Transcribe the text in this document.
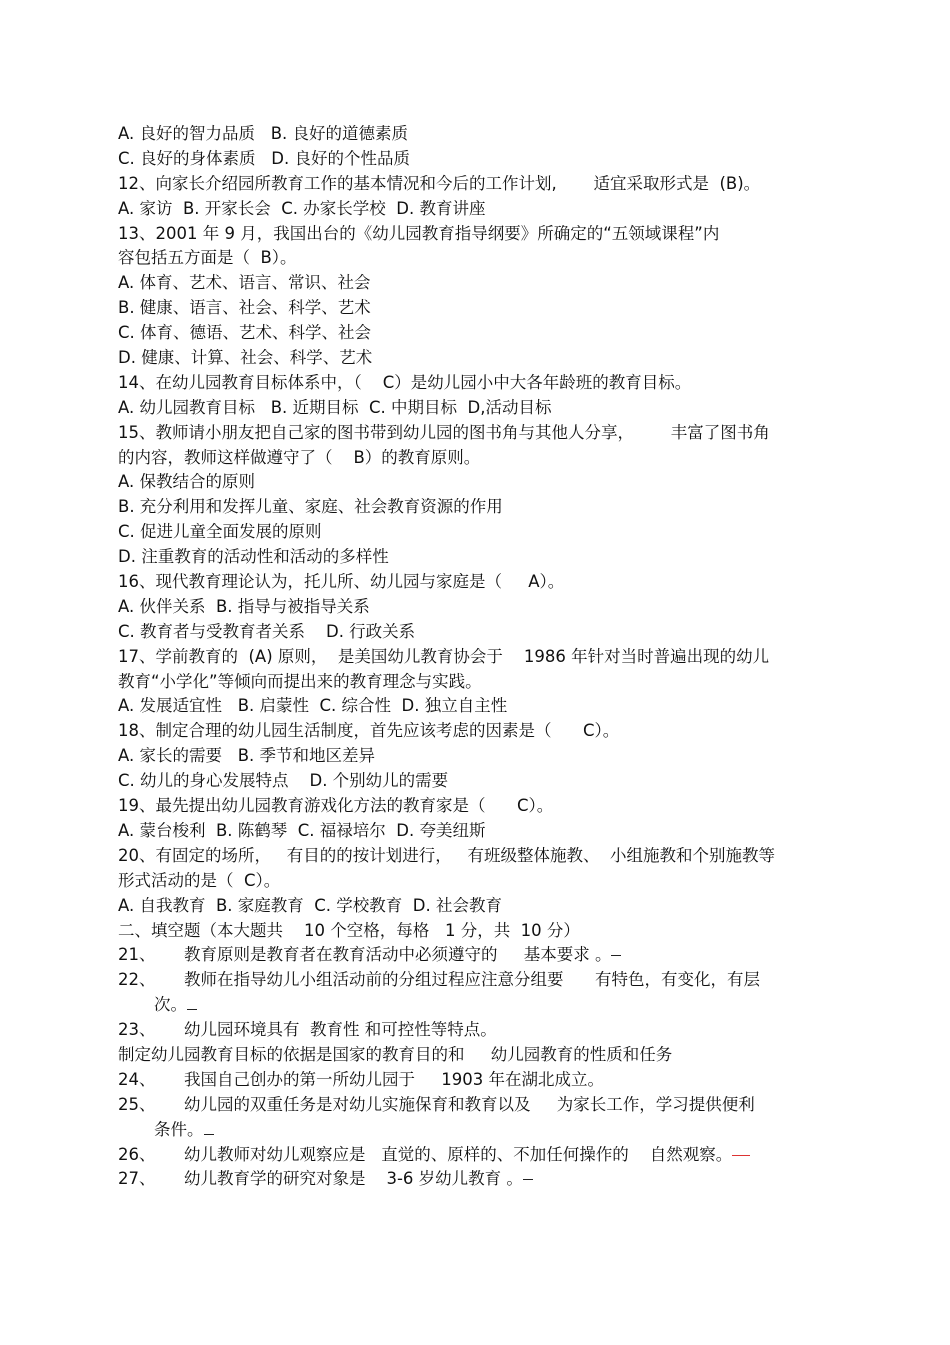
A. 良好的智力品质   B. 良好的道德素质
C. 良好的身体素质   D. 良好的个性品质
12、向家长介绍园所教育工作的基本情况和今后的工作计划,       适宜采取形式是  (B)。
A. 家访  B. 开家长会  C. 办家长学校  D. 教育讲座
13、2001 年 9 月，我国出台的《幼儿园教育指导纲要》所确定的“五领域课程”内
容包括五方面是（  B）。
A. 体育、艺术、语言、常识、社会
B. 健康、语言、社会、科学、艺术
C. 体育、德语、艺术、科学、社会
D. 健康、计算、社会、科学、艺术
14、在幼儿园教育目标体系中，（    C）是幼儿园小中大各年龄班的教育目标。
A. 幼儿园教育目标   B. 近期目标  C. 中期目标  D,活动目标
15、教师请小朋友把自己家的图书带到幼儿园的图书角与其他人分享，       丰富了图书角
的内容，教师这样做遵守了（    B）的教育原则。
A. 保教结合的原则
B. 充分利用和发挥儿童、家庭、社会教育资源的作用
C. 促进儿童全面发展的原则
D. 注重教育的活动性和活动的多样性
16、现代教育理论认为，托儿所、幼儿园与家庭是（     A）。
A. 伙伴关系  B. 指导与被指导关系
C. 教育者与受教育者关系    D. 行政关系
17、学前教育的  (A) 原则，  是美国幼儿教育协会于    1986 年针对当时普遍出现的幼儿
教育“小学化”等倾向而提出来的教育理念与实践。
A. 发展适宜性   B. 启蒙性  C. 综合性  D. 独立自主性
18、制定合理的幼儿园生活制度，首先应该考虑的因素是（      C）。
A. 家长的需要   B. 季节和地区差异
C. 幼儿的身心发展特点    D. 个别幼儿的需要
19、最先提出幼儿园教育游戏化方法的教育家是（      C）。
A. 蒙台梭利  B. 陈鹤琴  C. 福禄培尔  D. 夸美纽斯
20、有固定的场所，   有目的的按计划进行，   有班级整体施教、  小组施教和个别施教等
形式活动的是（  C）。
A. 自我教育  B. 家庭教育  C. 学校教育  D. 社会教育
二、填空题（本大题共    10 个空格，每格   1 分，共  10 分）
21、	教育原则是教育者在教育活动中必须遵守的     基本要求 。
22、	教师在指导幼儿小组活动前的分组过程应注意分组要      有特色，有变化，有层
次。
23、	幼儿园环境具有  教育性 和可控性等特点。
制定幼儿园教育目标的依据是国家的教育目的和     幼儿园教育的性质和任务
24、	我国自己创办的第一所幼儿园于     1903 年在湖北成立。
25、	幼儿园的双重任务是对幼儿实施保育和教育以及     为家长工作，学习提供便利
条件。
26、	幼儿教师对幼儿观察应是   直觉的、原样的、不加任何操作的    自然观察。
27、	幼儿教育学的研究对象是    3-6 岁幼儿教育 。
